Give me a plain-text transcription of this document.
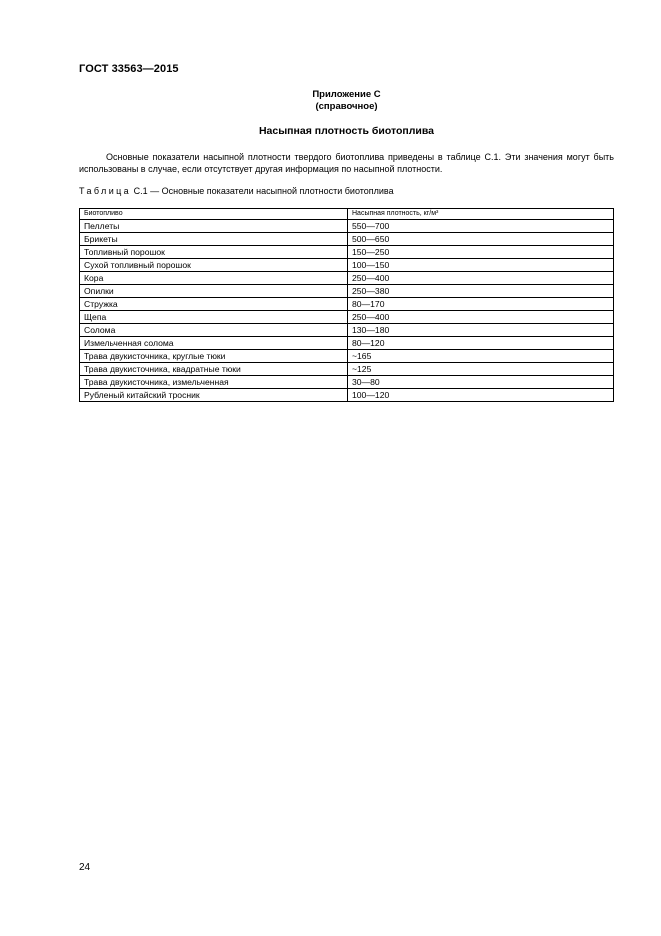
ГОСТ 33563—2015
Приложение С
(справочное)
Насыпная плотность биотоплива

Основные показатели насыпной плотности твердого биотоплива приведены в таблице С.1. Эти значения могут быть использованы в случае, если отсутствует другая информация по насыпной плотности.

Таблица С.1 — Основные показатели насыпной плотности биотоплива
Биотопливо	Насыпная плотность, кг/м³
Пеллеты	550—700
Брикеты	500—650
Топливный порошок	150—250
Сухой топливный порошок	100—150
Кора	250—400
Опилки	250—380
Стружка	80—170
Щепа	250—400
Солома	130—180
Измельченная солома	80—120
Трава двукисточника, круглые тюки	~165
Трава двукисточника, квадратные тюки	~125
Трава двукисточника, измельченная	30—80
Рубленый китайский тросник	100—120
24
